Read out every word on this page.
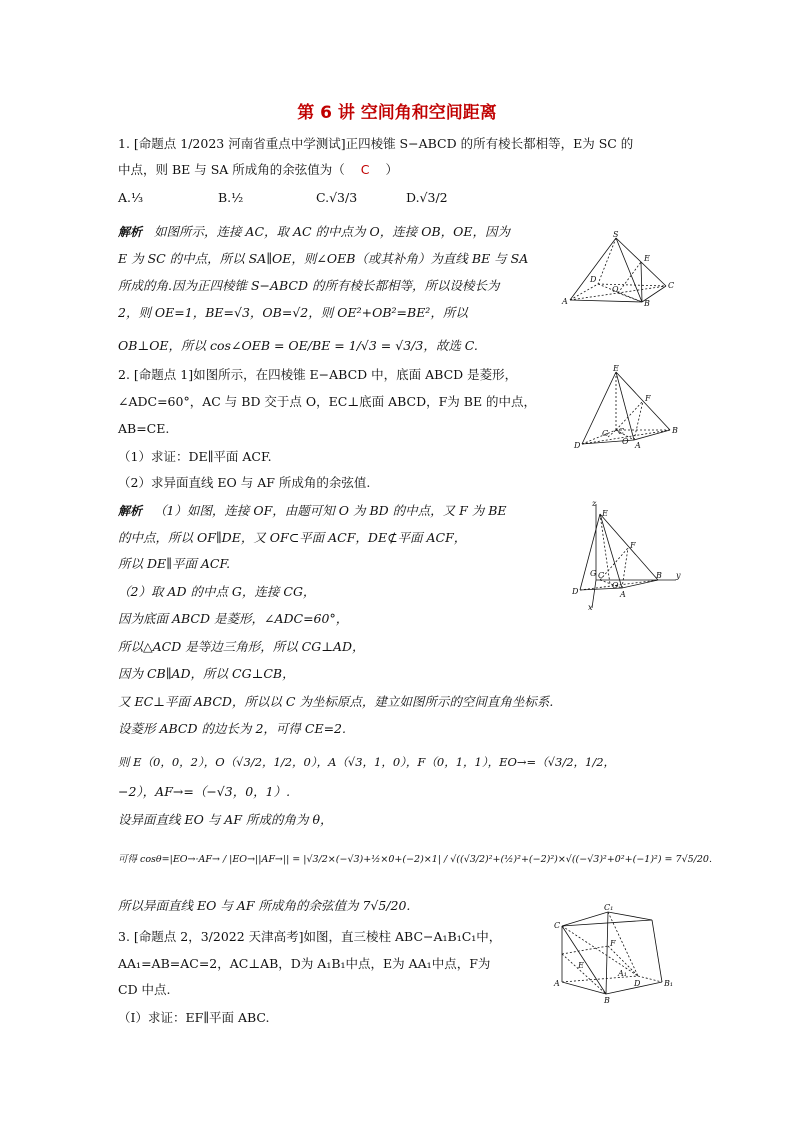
第 6 讲 空间角和空间距离
1. [命题点 1/2023 河南省重点中学测试]正四棱锥 S−ABCD 的所有棱长都相等，E为 SC 的
中点，则 BE 与 SA 所成角的余弦值为（ C ）
A.⅓	B.½	C.√3/3	D.√3/2
解析 如图所示，连接 AC，取 AC 的中点为 O，连接 OB，OE，因为
E 为 SC 的中点，所以 SA∥OE，则∠OEB（或其补角）为直线 BE 与 SA
所成的角.因为正四棱锥 S−ABCD 的所有棱长都相等，所以设棱长为
2，则 OE=1，BE=√3，OB=√2，则 OE²+OB²=BE²，所以
OB⊥OE，所以 cos∠OEB = OE/BE = 1/√3 = √3/3，故选 C.
S
D
E
C
O
B
A
2. [命题点 1]如图所示，在四棱锥 E−ABCD 中，底面 ABCD 是菱形，
∠ADC=60°，AC 与 BD 交于点 O，EC⊥底面 ABCD，F为 BE 的中点，
AB=CE.
（1）求证：DE∥平面 ACF.
（2）求异面直线 EO 与 AF 所成角的余弦值.
E
F
G C
O
D	A
B
解析 （1）如图，连接 OF，由题可知 O 为 BD 的中点，又 F 为 BE
的中点，所以 OF∥DE，又 OF⊂平面 ACF，DE⊄平面 ACF，
所以 DE∥平面 ACF.
（2）取 AD 的中点 G，连接 CG，
因为底面 ABCD 是菱形，∠ADC=60°，
所以△ACD 是等边三角形，所以 CG⊥AD，
因为 CB∥AD，所以 CG⊥CB，
又 EC⊥平面 ABCD，所以以 C 为坐标原点，建立如图所示的空间直角坐标系.
设菱形 ABCD 的边长为 2，可得 CE=2.
则 E（0，0，2），O（√3/2，1/2，0），A（√3，1，0），F（0，1，1），EO→=（√3/2，1/2，
−2），AF→=（−√3，0，1）.
设异面直线 EO 与 AF 所成的角为 θ，
可得 cosθ=|EO→·AF→ / |EO→||AF→|| = |√3/2×(−√3)+½×0+(−2)×1| / √((√3/2)²+(½)²+(−2)²)×√((−√3)²+0²+(−1)²) = 7√5/20.
所以异面直线 EO 与 AF 所成角的余弦值为 7√5/20.
z
E
F
G C
O
D	A
B y
x
3. [命题点 2，3/2022 天津高考]如图，直三棱柱 ABC−A₁B₁C₁中，
AA₁=AB=AC=2，AC⊥AB，D为 A₁B₁中点，E为 AA₁中点，F为
CD 中点.
（Ⅰ）求证：EF∥平面 ABC.
C
C₁
F
E
A	D	B₁
A₁
B
